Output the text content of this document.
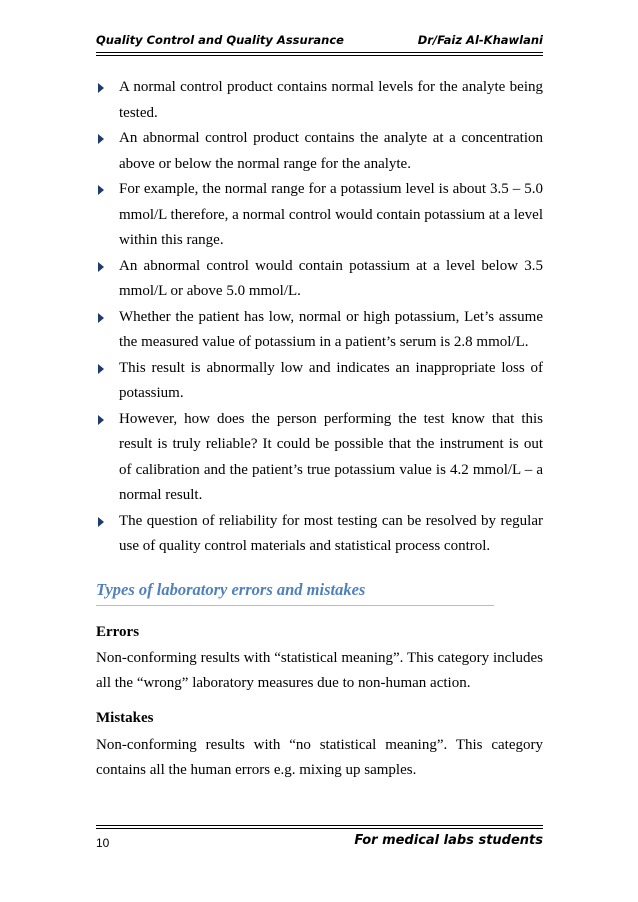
Quality Control and Quality Assurance	Dr/Faiz Al-Khawlani
A normal control product contains normal levels for the analyte being tested.
An abnormal control product contains the analyte at a concentration above or below the normal range for the analyte.
For example, the normal range for a potassium level is about 3.5 – 5.0 mmol/L therefore, a normal control would contain potassium at a level within this range.
An abnormal control would contain potassium at a level below 3.5 mmol/L or above 5.0 mmol/L.
Whether the patient has low, normal or high potassium, Let’s assume the measured value of potassium in a patient’s serum is 2.8 mmol/L.
This result is abnormally low and indicates an inappropriate loss of potassium.
However, how does the person performing the test know that this result is truly reliable? It could be possible that the instrument is out of calibration and the patient’s true potassium value is 4.2 mmol/L – a normal result.
The question of reliability for most testing can be resolved by regular use of quality control materials and statistical process control.
Types of laboratory errors and mistakes
Errors
Non-conforming results with “statistical meaning”. This category includes all the “wrong” laboratory measures due to non-human action.
Mistakes
Non-conforming results with “no statistical meaning”. This category contains all the human errors e.g. mixing up samples.
10	For medical labs students
